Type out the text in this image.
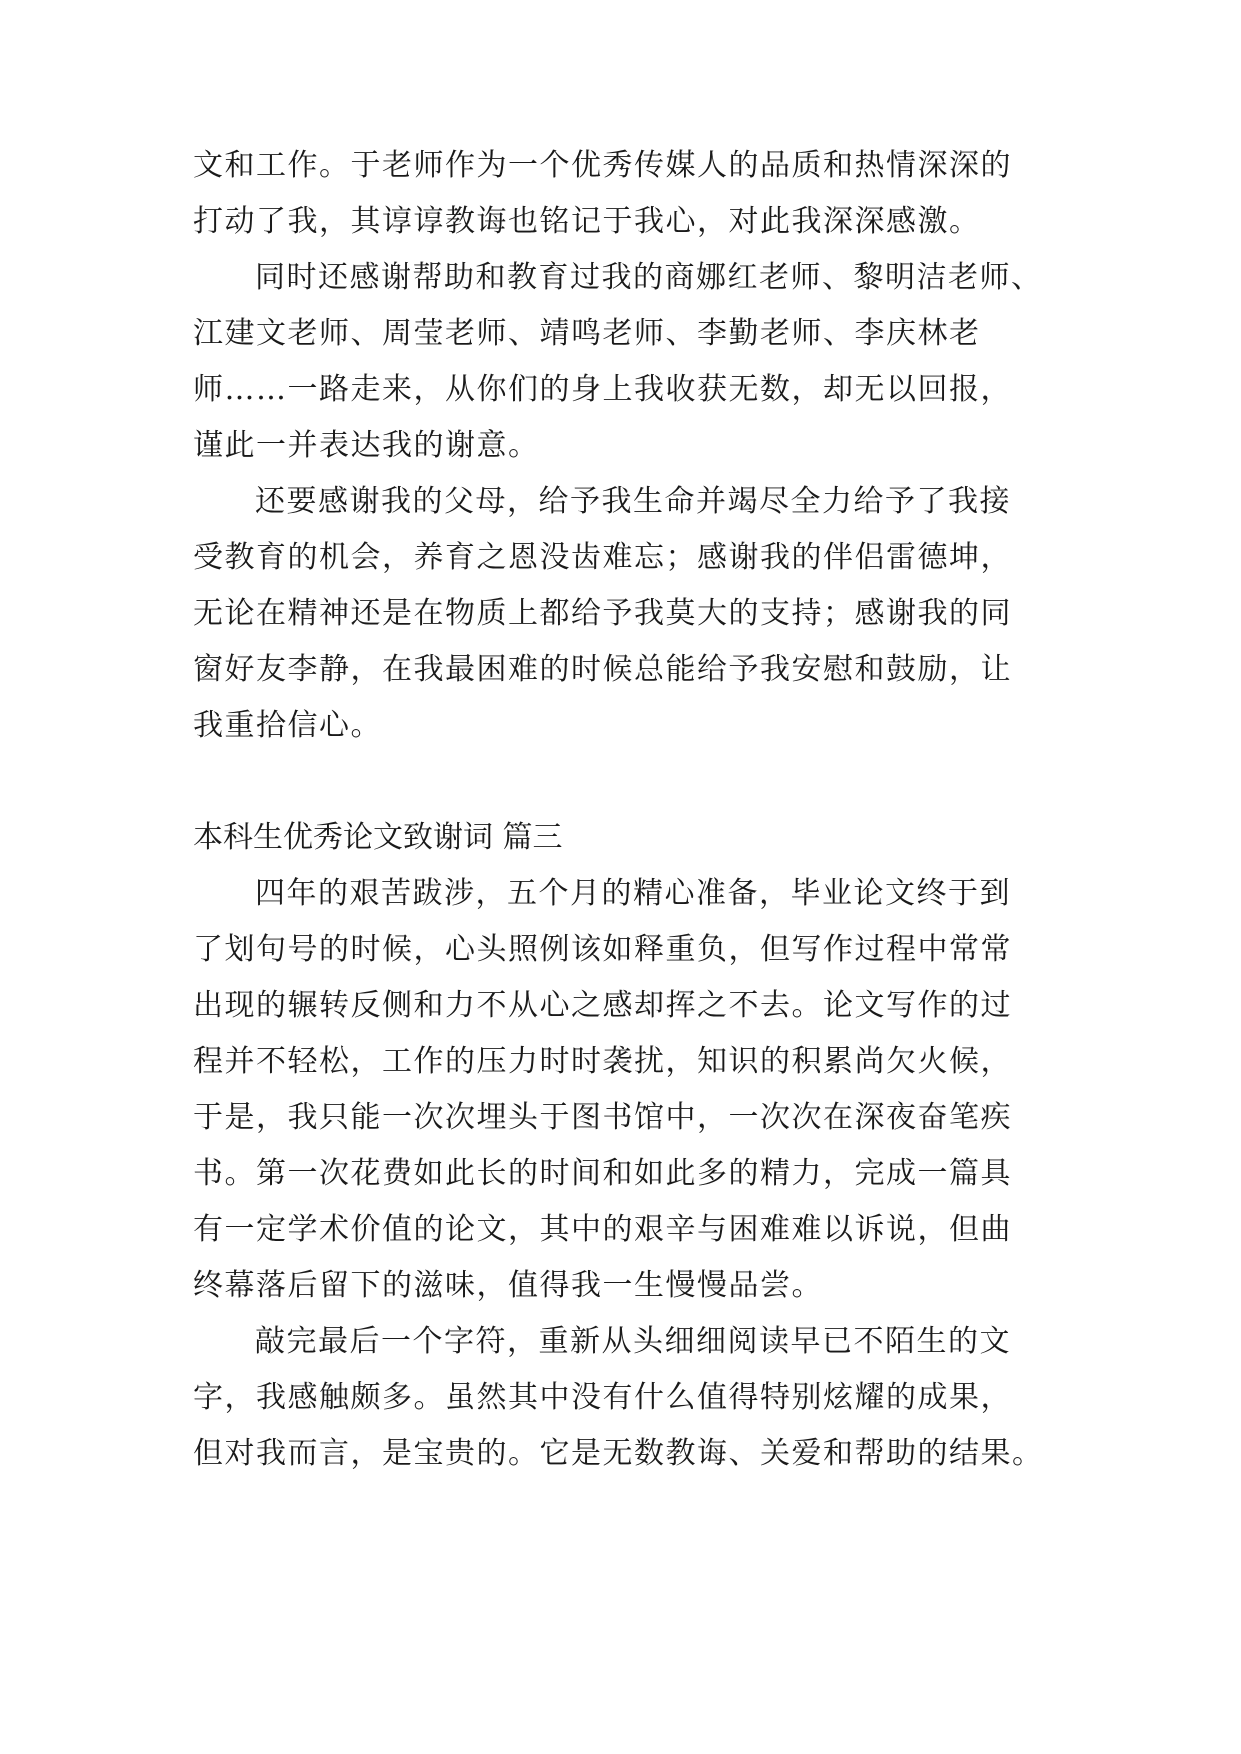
文和工作。于老师作为一个优秀传媒人的品质和热情深深的
打动了我，其谆谆教诲也铭记于我心，对此我深深感激。
同时还感谢帮助和教育过我的商娜红老师、黎明洁老师、
江建文老师、周莹老师、靖鸣老师、李勤老师、李庆林老
师……一路走来，从你们的身上我收获无数，却无以回报，
谨此一并表达我的谢意。
还要感谢我的父母，给予我生命并竭尽全力给予了我接
受教育的机会，养育之恩没齿难忘；感谢我的伴侣雷德坤，
无论在精神还是在物质上都给予我莫大的支持；感谢我的同
窗好友李静，在我最困难的时候总能给予我安慰和鼓励，让
我重拾信心。
本科生优秀论文致谢词 篇三
四年的艰苦跋涉，五个月的精心准备，毕业论文终于到
了划句号的时候，心头照例该如释重负，但写作过程中常常
出现的辗转反侧和力不从心之感却挥之不去。论文写作的过
程并不轻松，工作的压力时时袭扰，知识的积累尚欠火候，
于是，我只能一次次埋头于图书馆中，一次次在深夜奋笔疾
书。第一次花费如此长的时间和如此多的精力，完成一篇具
有一定学术价值的论文，其中的艰辛与困难难以诉说，但曲
终幕落后留下的滋味，值得我一生慢慢品尝。
敲完最后一个字符，重新从头细细阅读早已不陌生的文
字，我感触颇多。虽然其中没有什么值得特别炫耀的成果，
但对我而言，是宝贵的。它是无数教诲、关爱和帮助的结果。
